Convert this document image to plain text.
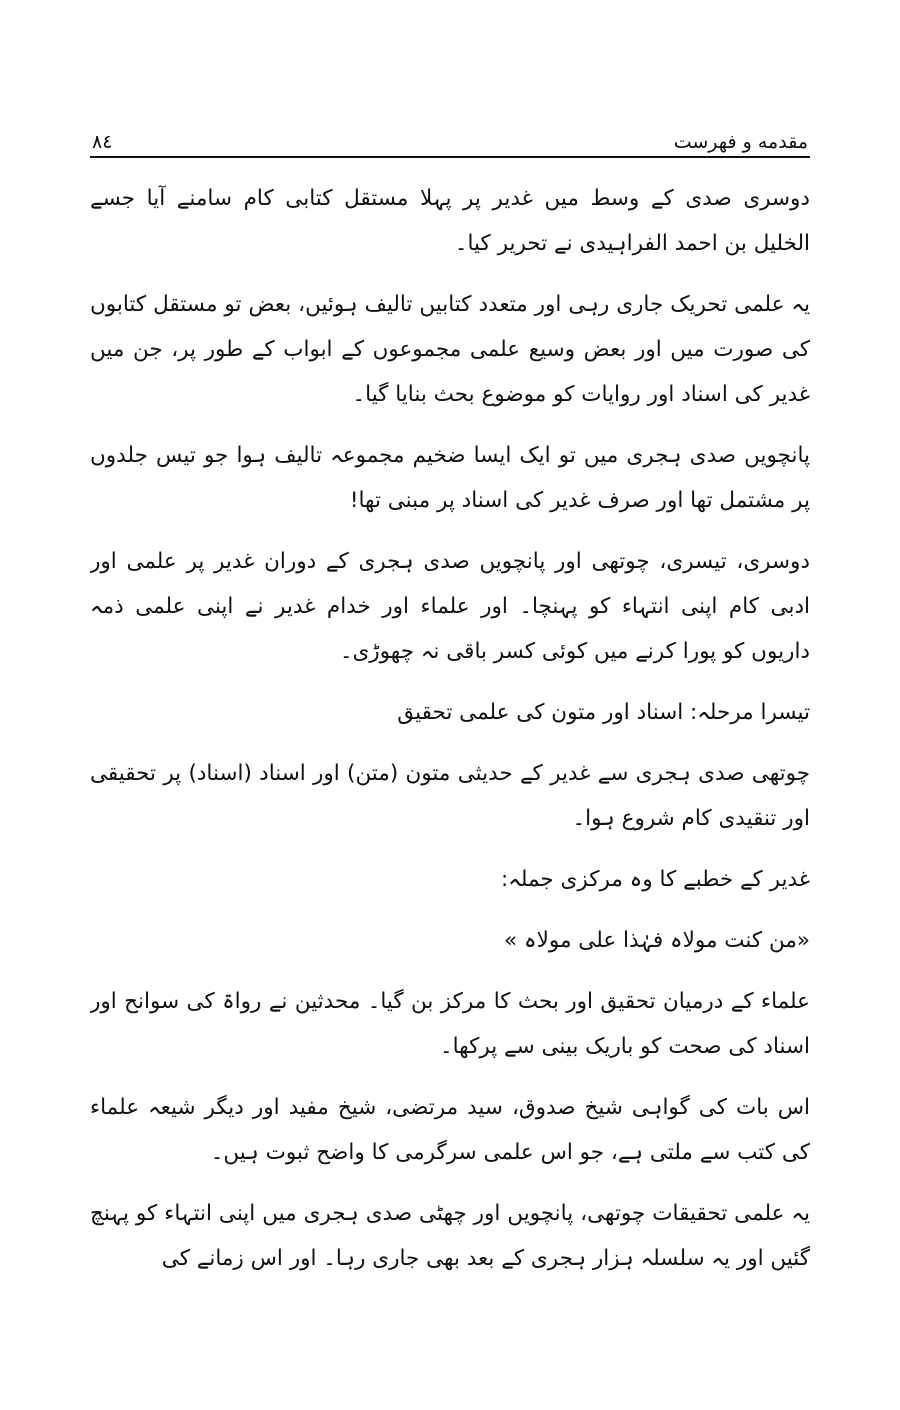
مقدمه و فهرست
٨٤

دوسری صدی کے وسط میں غدیر پر پہلا مستقل کتابی کام سامنے آیا جسے الخلیل بن احمد الفراہیدی نے تحریر کیا۔

یہ علمی تحریک جاری رہی اور متعدد کتابیں تالیف ہوئیں، بعض تو مستقل کتابوں کی صورت میں اور بعض وسیع علمی مجموعوں کے ابواب کے طور پر، جن میں غدیر کی اسناد اور روایات کو موضوع بحث بنایا گیا۔

پانچویں صدی ہجری میں تو ایک ایسا ضخیم مجموعہ تالیف ہوا جو تیس جلدوں پر مشتمل تھا اور صرف غدیر کی اسناد پر مبنی تھا!

دوسری، تیسری، چوتھی اور پانچویں صدی ہجری کے دوران غدیر پر علمی اور ادبی کام اپنی انتہاء کو پہنچا۔ اور علماء اور خدام غدیر نے اپنی علمی ذمہ داریوں کو پورا کرنے میں کوئی کسر باقی نہ چھوڑی۔

تیسرا مرحلہ: اسناد اور متون کی علمی تحقیق

چوتھی صدی ہجری سے غدیر کے حدیثی متون (متن) اور اسناد (اسناد) پر تحقیقی اور تنقیدی کام شروع ہوا۔

غدیر کے خطبے کا وہ مرکزی جملہ:

«من کنت مولاہ فہٰذا علی مولاہ »

علماء کے درمیان تحقیق اور بحث کا مرکز بن گیا۔ محدثین نے رواۃ کی سوانح اور اسناد کی صحت کو باریک بینی سے پرکھا۔

اس بات کی گواہی شیخ صدوق، سید مرتضی، شیخ مفید اور دیگر شیعہ علماء کی کتب سے ملتی ہے، جو اس علمی سرگرمی کا واضح ثبوت ہیں۔

یہ علمی تحقیقات چوتھی، پانچویں اور چھٹی صدی ہجری میں اپنی انتہاء کو پہنچ گئیں اور یہ سلسلہ ہزار ہجری کے بعد بھی جاری رہا۔ اور اس زمانے کی
